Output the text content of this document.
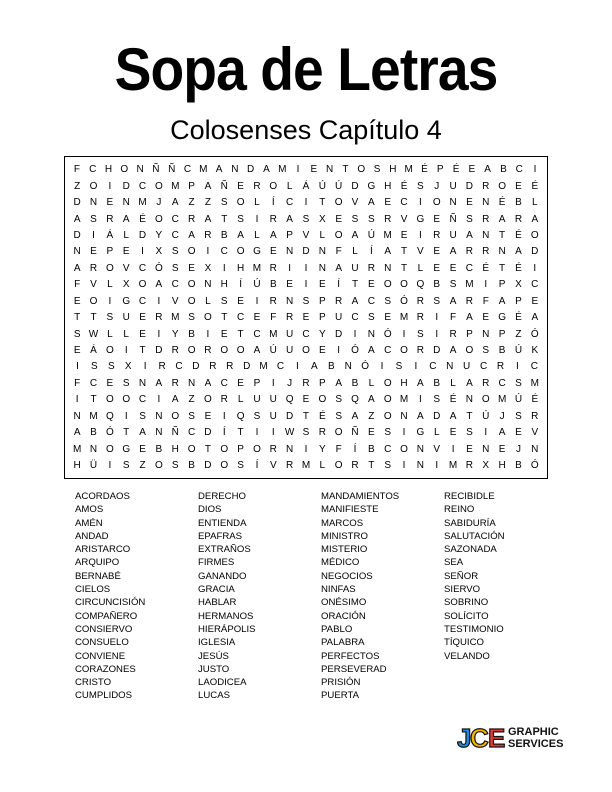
Sopa de Letras
Colosenses Capítulo 4
F C H O N Ñ Ñ C M A N D A M	I	E N T O S H M É P É E A B C	I
Z O	I	D C O M P A Ñ E R O L	Á Ú Ú D G H É S	J	U D R O E É
D N E N M J	A Z	Z S O L	Í	C	I	T O V A E C	I	O N E N É B	L
A S R A É O C R A T S	I	R A S X E S S R V G E Ñ S R A R A
D	I	Á	L D Y C A R B A	L	A P V	L O A Ú M E	I	R U A N T É O
N E P E	I	X S O	I	C O G E N D N F	L	Í	A T V E A R R N A D
A R O V C Ó S E X	I	H M R	I	I	N A U R N T	L	E E C É T É	I
F V	L	X O A C O N H	Í	Ú B E	I	E	Í	T E O O Q B S M	I	P X C
E O	I	G C	I	V O L	S E	I	R N S P R A C S Ó R S A R F A P E
T	T S U E R M S O T C E F R E P U C S E M R	I	F A E G É A
S W L	L	E	I	Y B	I	E T C M U C Y D	I	N Ó	I	S	I	R P N P Z Ó
E Á O	I	T D R O R O O A Ú U O E	I	Ó A C O R D A O S B Ú K
I	S	S	X	I	R C D R R D M C	I	A	B N Ó	I	S	I	C N U C R	I	C
F C E S N A R N A C E P	I	J	R P A B	L O H A B	L	A R C S M
I	T O O C	I	A Z O R L U U Q E O S Q A O M	I	S É N O M Ú É
N M Q	I	S N O S E	I	Q S U D T É S A Z O N A D A T Ú	J	S R
A B Ó T A N Ñ C D	Í	T	I	I	W S R O Ñ E S	I	G L	E S	I	A E V
M N O G E B H O T O P O R N	I	Y F	Í	B C O N V	I	E N E	J	N
H Ü	I	S Z O S B D O S	Í	V R M L O R T S	I	N	I	M R X H B Ó
ACORDAOS
AMOS
AMÉN
ANDAD
ARISTARCO
ARQUIPO
BERNABÉ
CIELOS
CIRCUNCISIÓN
COMPAÑERO
CONSIERVO
CONSUELO
CONVIENE
CORAZONES
CRISTO
CUMPLIDOS
DERECHO
DIOS
ENTIENDA
EPAFRAS
EXTRAÑOS
FIRMES
GANANDO
GRACIA
HABLAR
HERMANOS
HIERÁPOLIS
IGLESIA
JESÚS
JUSTO
LAODICEA
LUCAS
MANDAMIENTOS
MANIFIESTE
MARCOS
MINISTRO
MISTERIO
MÉDICO
NEGOCIOS
NINFAS
ONÉSIMO
ORACIÓN
PABLO
PALABRA
PERFECTOS
PERSEVERAD
PRISIÓN
PUERTA
RECIBIDLE
REINO
SABIDURÍA
SALUTACIÓN
SAZONADA
SEA
SEÑOR
SIERVO
SOBRINO
SOLÍCITO
TESTIMONIO
TÍQUICO
VELANDO
J
C E GRAPHIC
SERVICES
